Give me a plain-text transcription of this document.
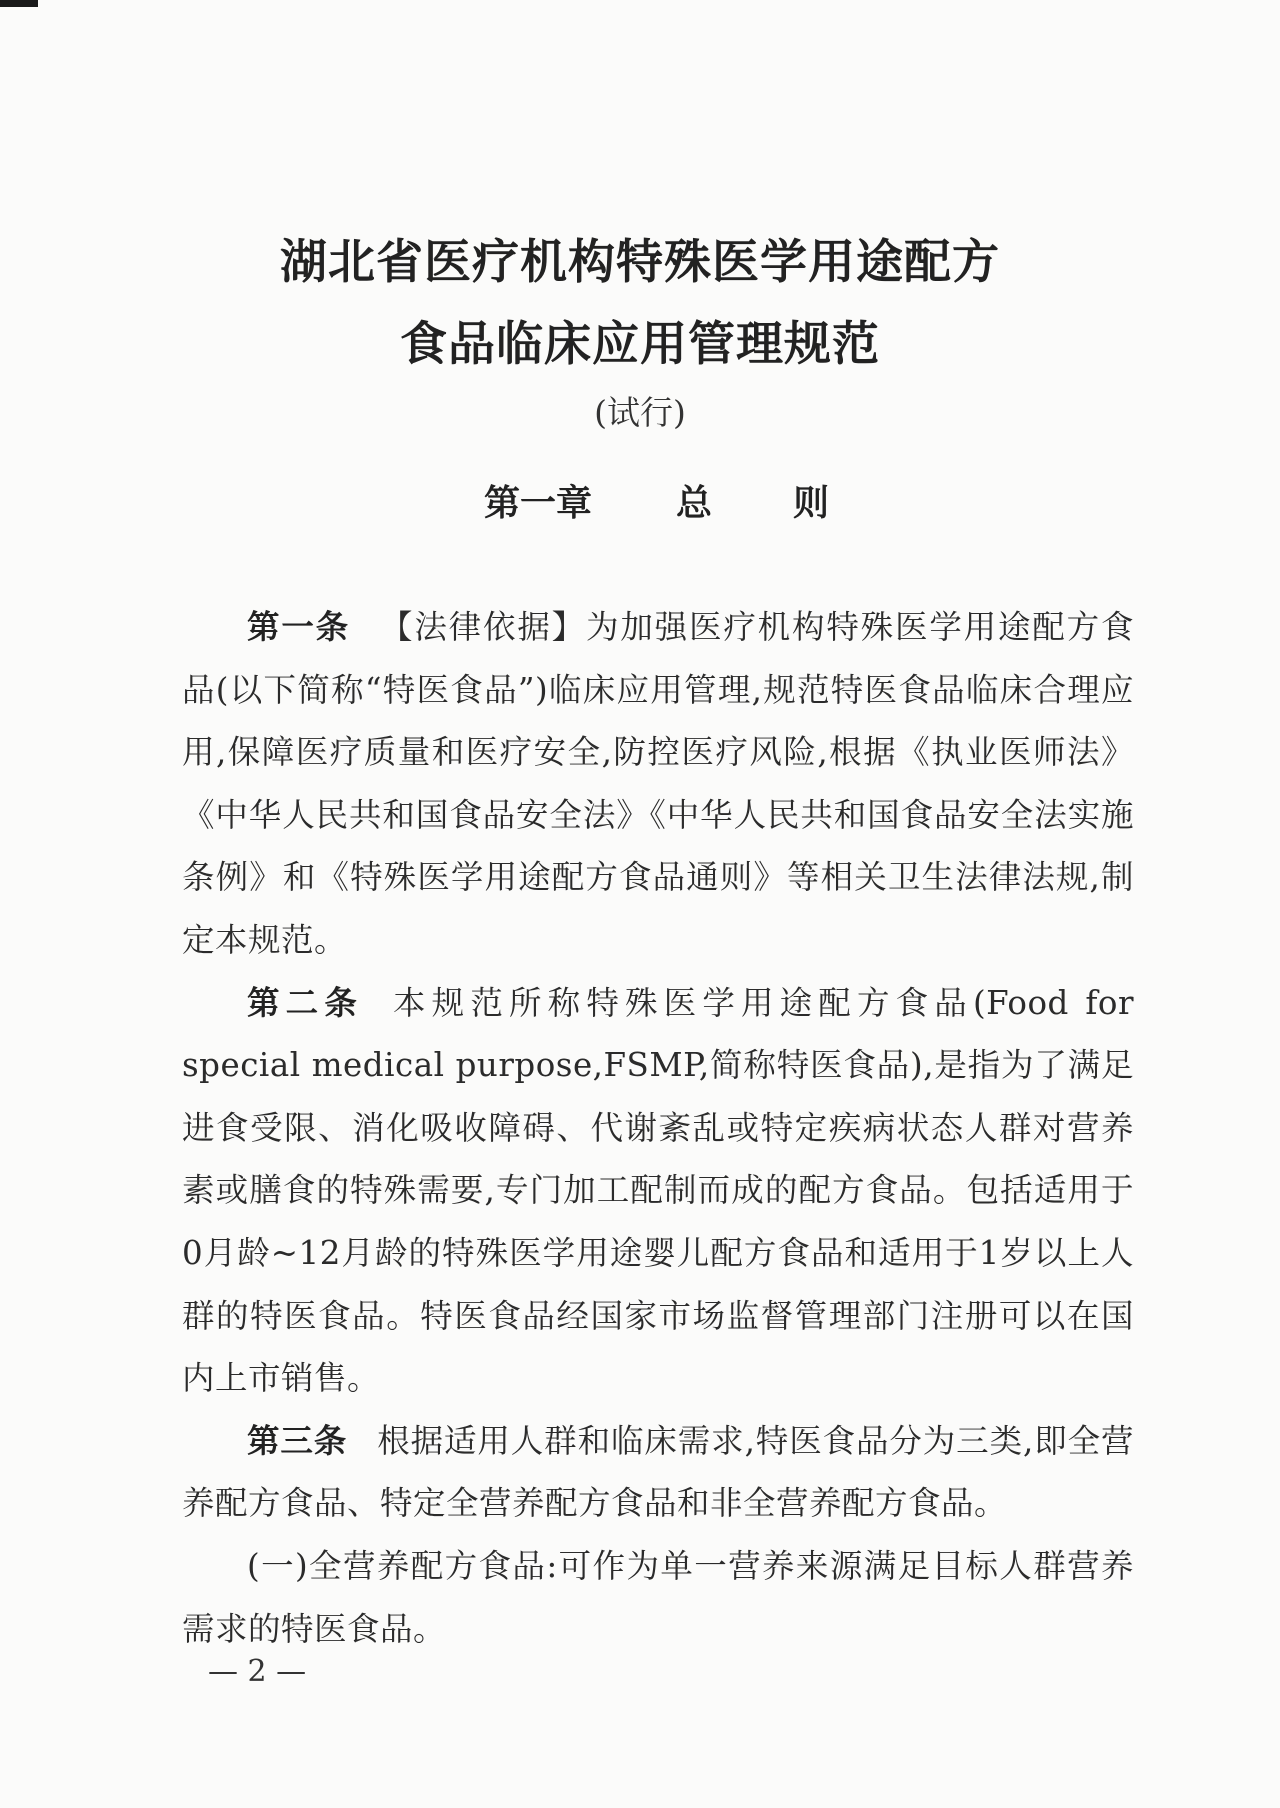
湖北省医疗机构特殊医学用途配方
食品临床应用管理规范
(试行)
第一章 总 则

第一条 【法律依据】为加强医疗机构特殊医学用途配方食品(以下简称“特医食品”)临床应用管理,规范特医食品临床合理应用,保障医疗质量和医疗安全,防控医疗风险,根据《执业医师法》《中华人民共和国食品安全法》《中华人民共和国食品安全法实施条例》和《特殊医学用途配方食品通则》等相关卫生法律法规,制定本规范。

第二条 本规范所称特殊医学用途配方食品(Food for special medical purpose,FSMP,简称特医食品),是指为了满足进食受限、消化吸收障碍、代谢紊乱或特定疾病状态人群对营养素或膳食的特殊需要,专门加工配制而成的配方食品。包括适用于0月龄~12月龄的特殊医学用途婴儿配方食品和适用于1岁以上人群的特医食品。特医食品经国家市场监督管理部门注册可以在国内上市销售。

第三条 根据适用人群和临床需求,特医食品分为三类,即全营养配方食品、特定全营养配方食品和非全营养配方食品。

(一)全营养配方食品:可作为单一营养来源满足目标人群营养需求的特医食品。

— 2 —
